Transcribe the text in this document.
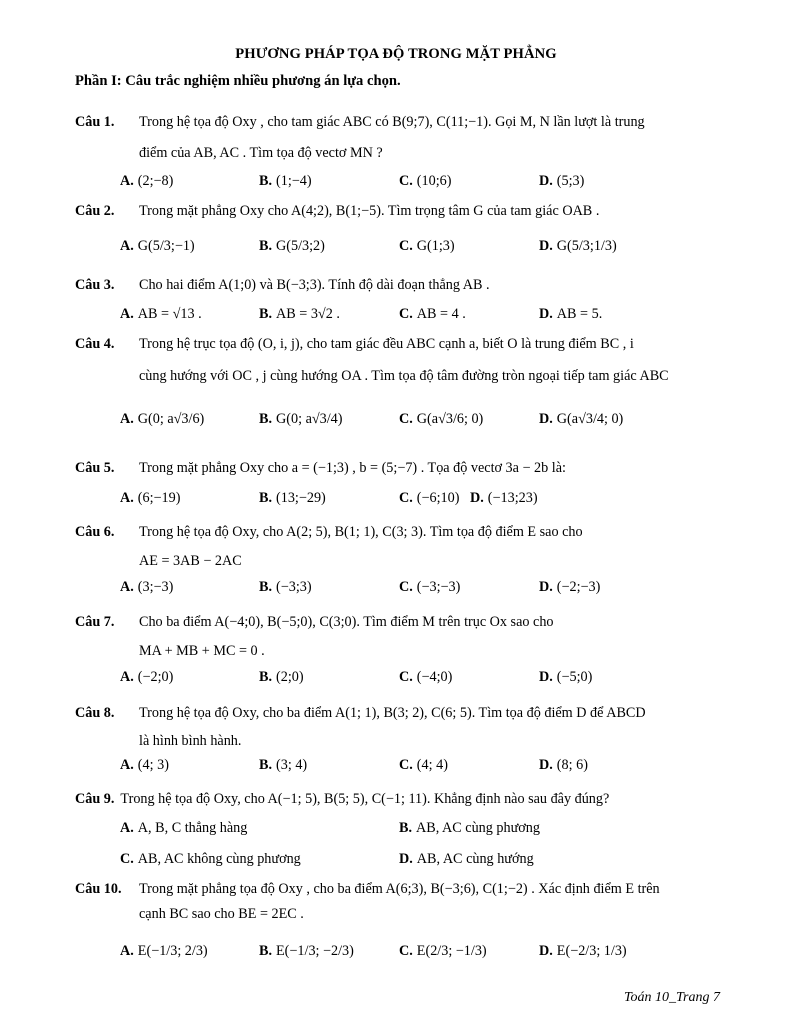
PHƯƠNG PHÁP TỌA ĐỘ TRONG MẶT PHẲNG
Phần I: Câu trắc nghiệm nhiều phương án lựa chọn.
Câu 1. Trong hệ tọa độ Oxy , cho tam giác ABC có B(9;7), C(11;−1). Gọi M, N lần lượt là trung
điểm của AB, AC . Tìm tọa độ vectơ MN ?
A. (2;−8)	B. (1;−4)	C. (10;6)	D. (5;3)
Câu 2. Trong mặt phẳng Oxy cho A(4;2), B(1;−5). Tìm trọng tâm G của tam giác OAB .
A. G(5/3;−1)	B. G(5/3;2)	C. G(1;3)	D. G(5/3;1/3)
Câu 3. Cho hai điểm A(1;0) và B(−3;3). Tính độ dài đoạn thẳng AB .
A. AB = √13 .	B. AB = 3√2 .	C. AB = 4 .	D. AB = 5.
Câu 4. Trong hệ trục tọa độ (O, i, j), cho tam giác đều ABC cạnh a, biết O là trung điểm BC , i
cùng hướng với OC , j cùng hướng OA . Tìm tọa độ tâm đường tròn ngoại tiếp tam giác ABC
A. G(0; a√3/6)	B. G(0; a√3/4)	C. G(a√3/6; 0)	D. G(a√3/4; 0)
Câu 5. Trong mặt phẳng Oxy cho a = (−1;3) , b = (5;−7) . Tọa độ vectơ 3a − 2b là:
A. (6;−19)	B. (13;−29)	C. (−6;10) D. (−13;23)
Câu 6. Trong hệ tọa độ Oxy, cho A(2; 5), B(1; 1), C(3; 3). Tìm tọa độ điểm E sao cho
AE = 3AB − 2AC
A. (3;−3)	B. (−3;3)	C. (−3;−3)	D. (−2;−3)
Câu 7. Cho ba điểm A(−4;0), B(−5;0), C(3;0). Tìm điểm M trên trục Ox sao cho
MA + MB + MC = 0 .
A. (−2;0)	B. (2;0)	C. (−4;0)	D. (−5;0)
Câu 8. Trong hệ tọa độ Oxy, cho ba điểm A(1; 1), B(3; 2), C(6; 5). Tìm tọa độ điểm D để ABCD
là hình bình hành.
A. (4; 3)	B. (3; 4)	C. (4; 4)	D. (8; 6)
Câu 9. Trong hệ tọa độ Oxy, cho A(−1; 5), B(5; 5), C(−1; 11). Khẳng định nào sau đây đúng?
A. A, B, C thẳng hàng	B. AB, AC cùng phương
C. AB, AC không cùng phương	D. AB, AC cùng hướng
Câu 10. Trong mặt phẳng tọa độ Oxy , cho ba điểm A(6;3), B(−3;6), C(1;−2) . Xác định điểm E trên
cạnh BC sao cho BE = 2EC .
A. E(−1/3; 2/3)	B. E(−1/3; −2/3)	C. E(2/3; −1/3)	D. E(−2/3; 1/3)
Toán 10_Trang 7
